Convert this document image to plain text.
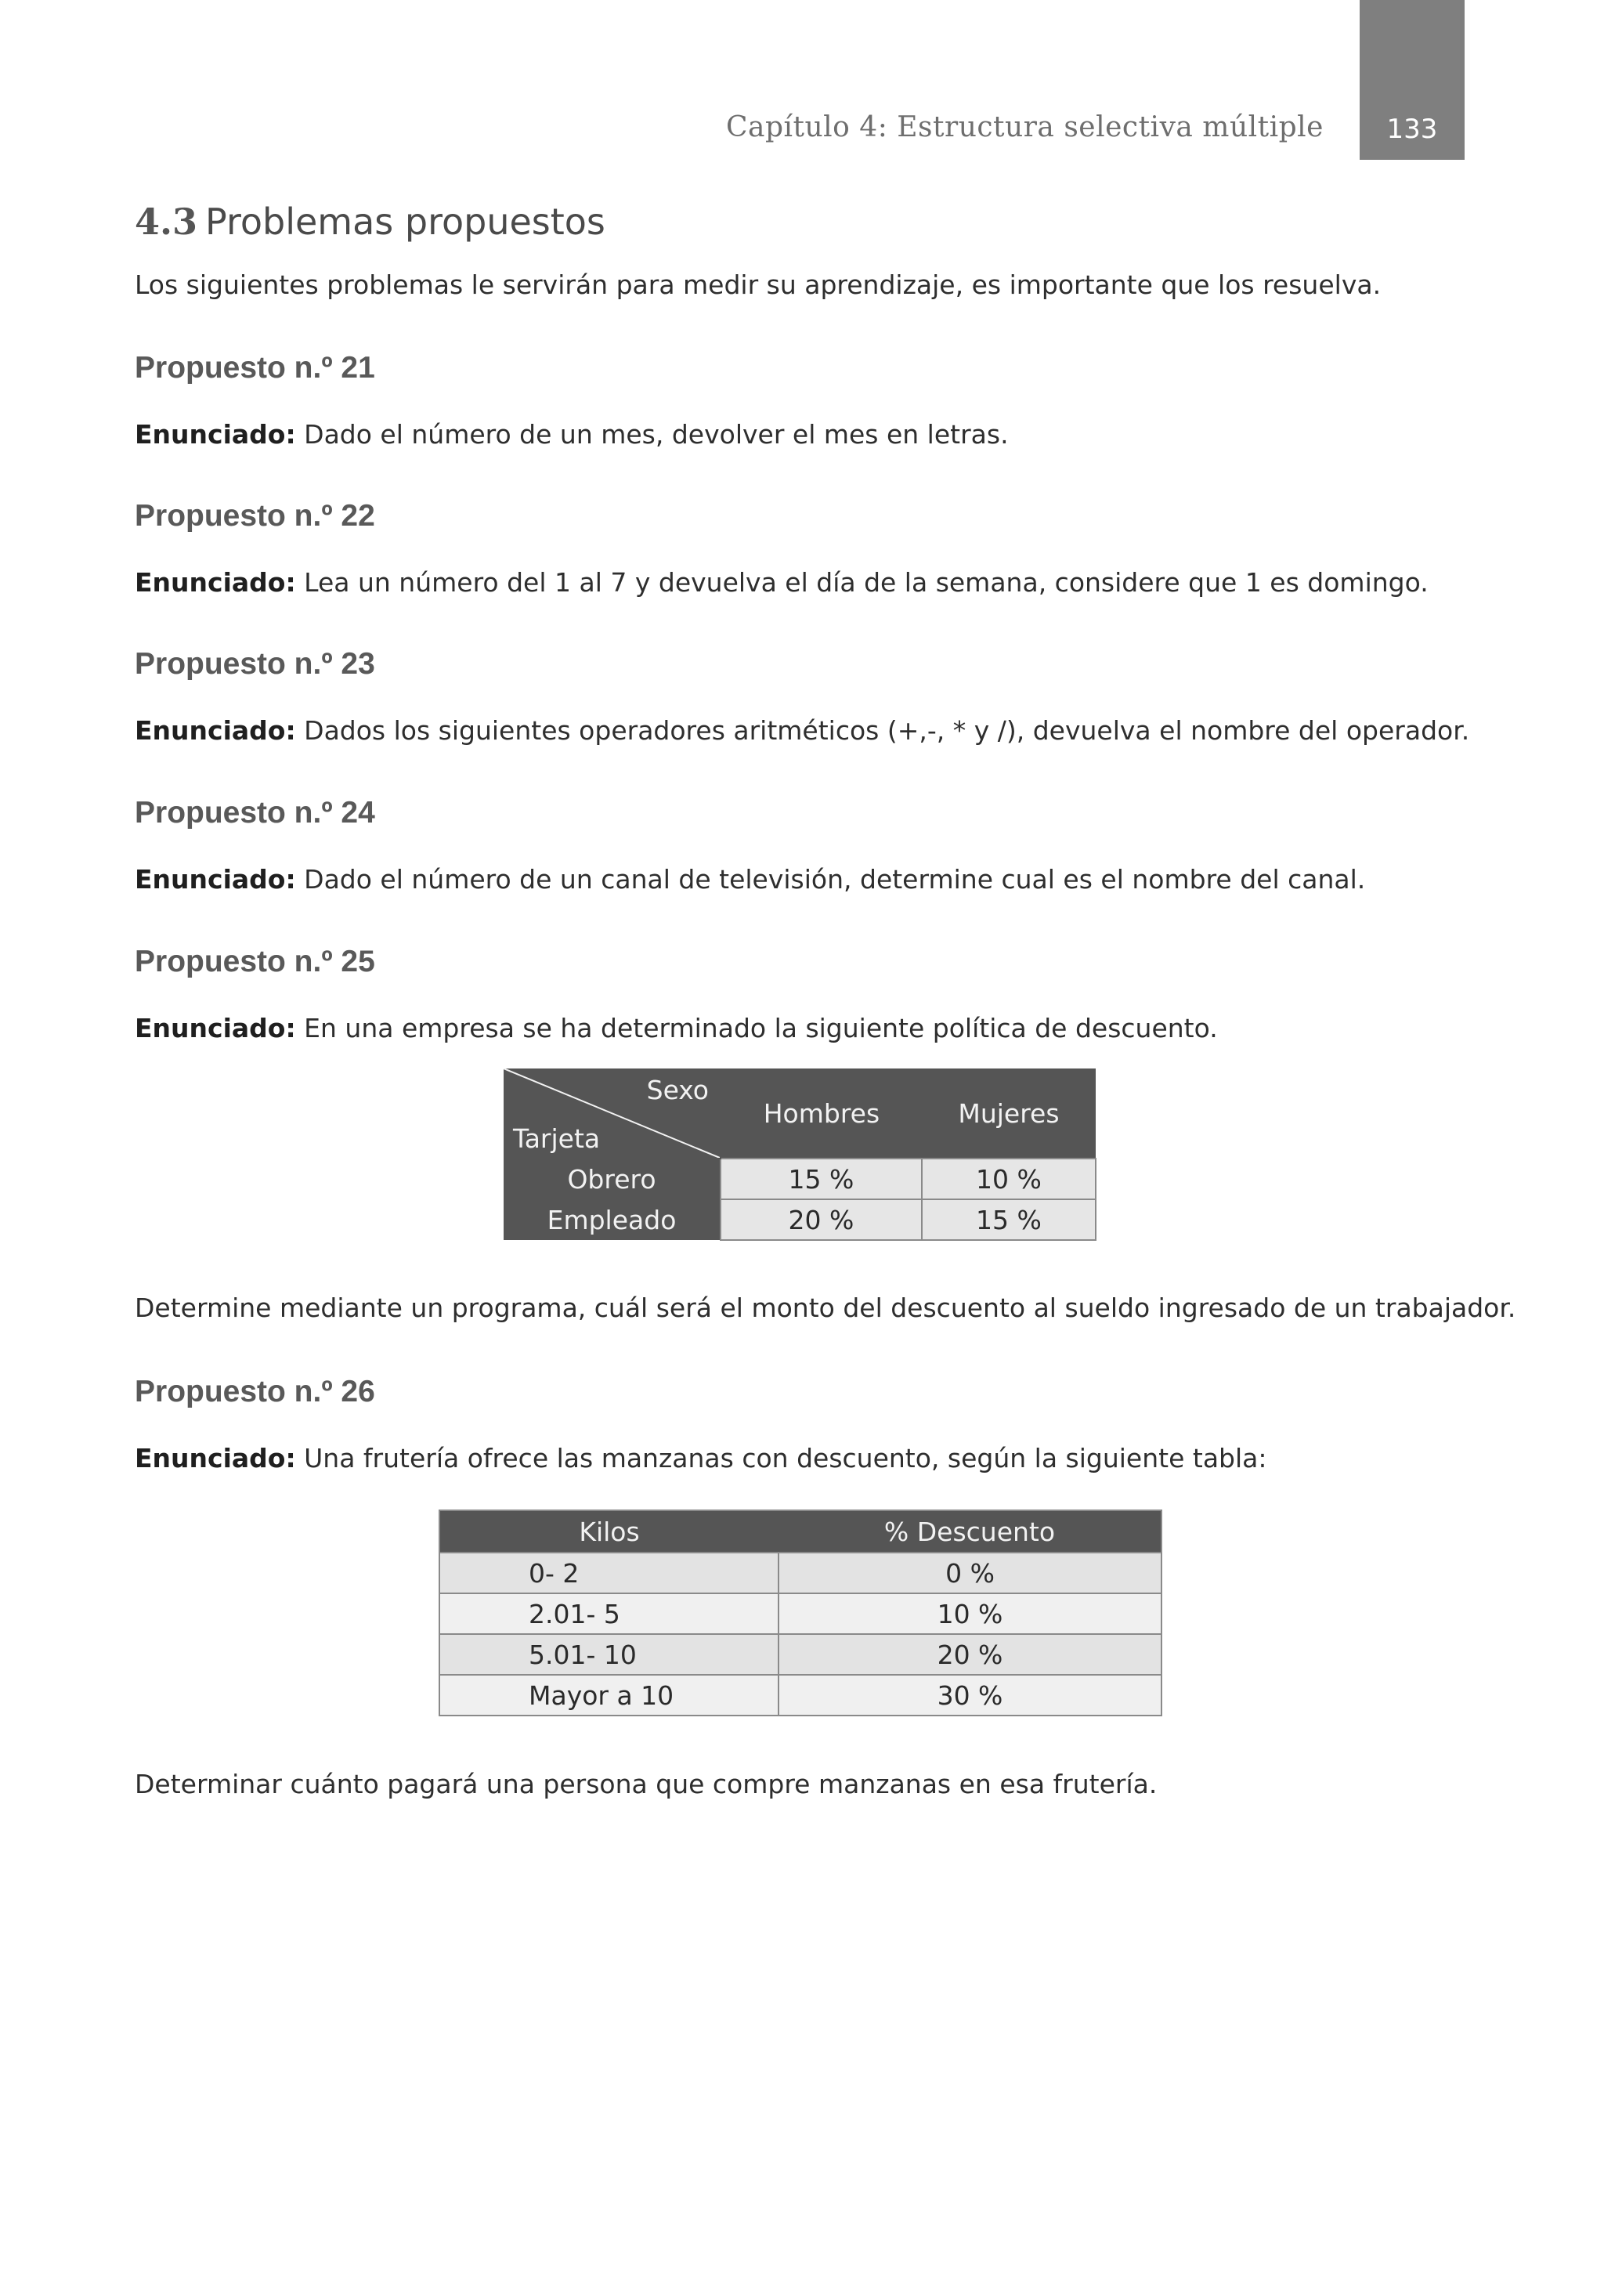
Capítulo 4: Estructura selectiva múltiple	133
4.3 Problemas propuestos
Los siguientes problemas le servirán para medir su aprendizaje, es importante que los resuelva.
Propuesto n.º 21
Enunciado: Dado el número de un mes, devolver el mes en letras.
Propuesto n.º 22
Enunciado: Lea un número del 1 al 7 y devuelva el día de la semana, considere que 1 es domingo.
Propuesto n.º 23
Enunciado: Dados los siguientes operadores aritméticos (+,-, * y /), devuelva el nombre del operador.
Propuesto n.º 24
Enunciado: Dado el número de un canal de televisión, determine cual es el nombre del canal.
Propuesto n.º 25
Enunciado: En una empresa se ha determinado la siguiente política de descuento.
Sexo
Tarjeta	Hombres	Mujeres
Obrero	15 %	10 %
Empleado	20 %	15 %
Determine mediante un programa, cuál será el monto del descuento al sueldo ingresado de un trabajador.
Propuesto n.º 26
Enunciado: Una frutería ofrece las manzanas con descuento, según la siguiente tabla:
Kilos	% Descuento
0- 2	0 %
2.01- 5	10 %
5.01- 10	20 %
Mayor a 10	30 %
Determinar cuánto pagará una persona que compre manzanas en esa frutería.
